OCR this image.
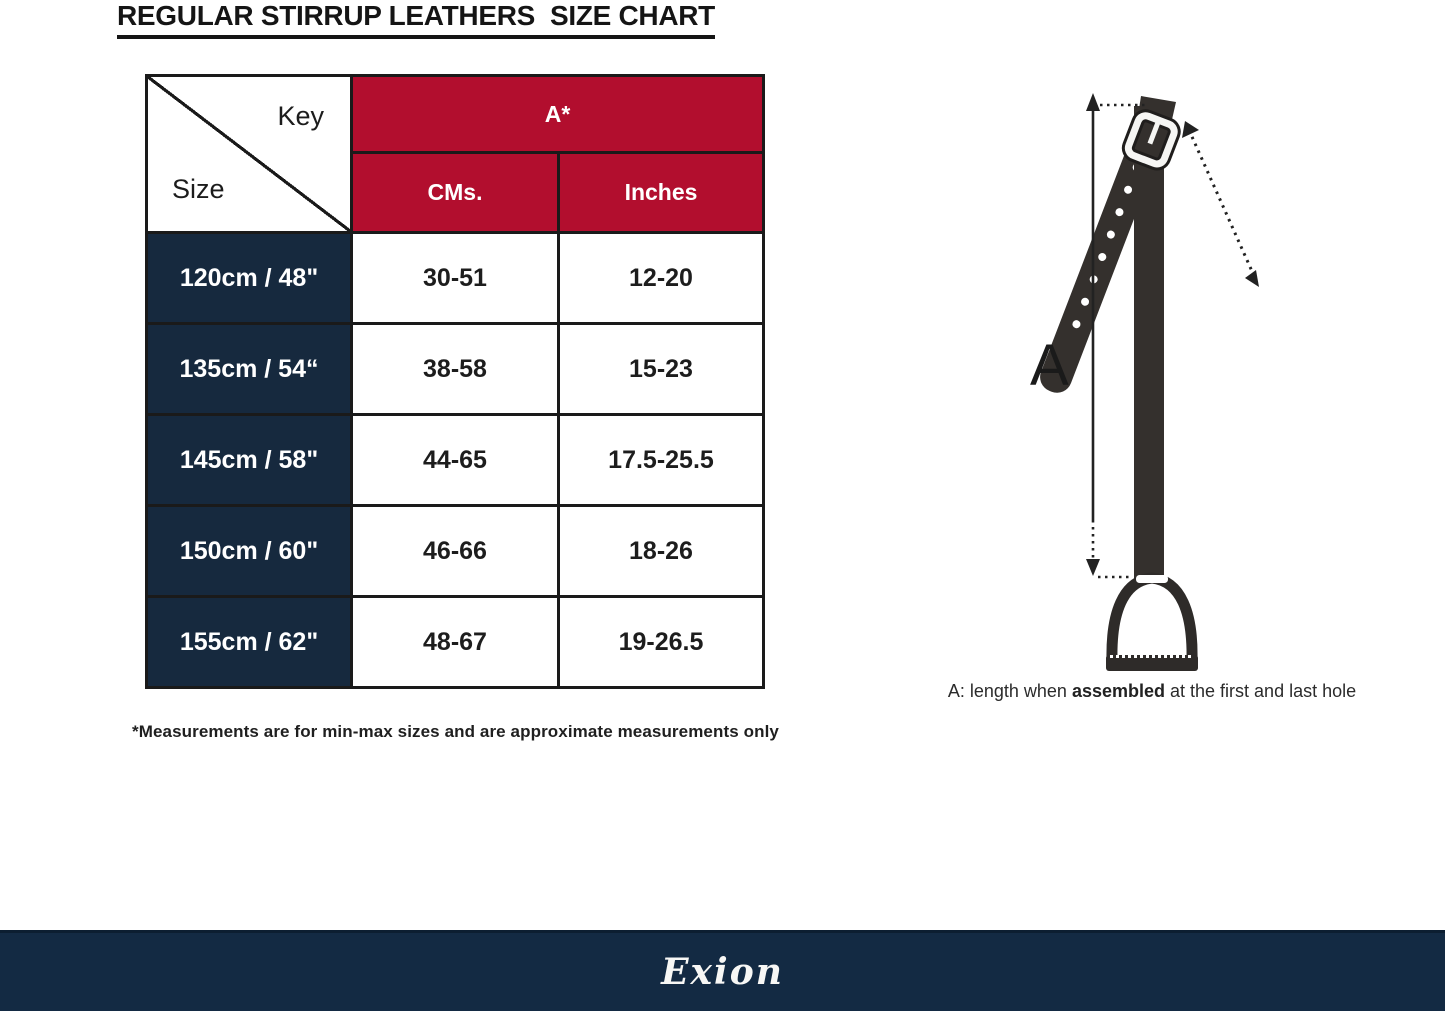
REGULAR STIRRUP LEATHERS  SIZE CHART
Key
Size	A*	
	CMs.	Inches
120cm / 48"	30-51	12-20
135cm / 54“	38-58	15-23
145cm / 58"	44-65	17.5-25.5
150cm / 60"	46-66	18-26
155cm / 62"	48-67	19-26.5
*Measurements are for min-max sizes and are approximate measurements only
A
A: length when assembled at the first and last hole
Exion
